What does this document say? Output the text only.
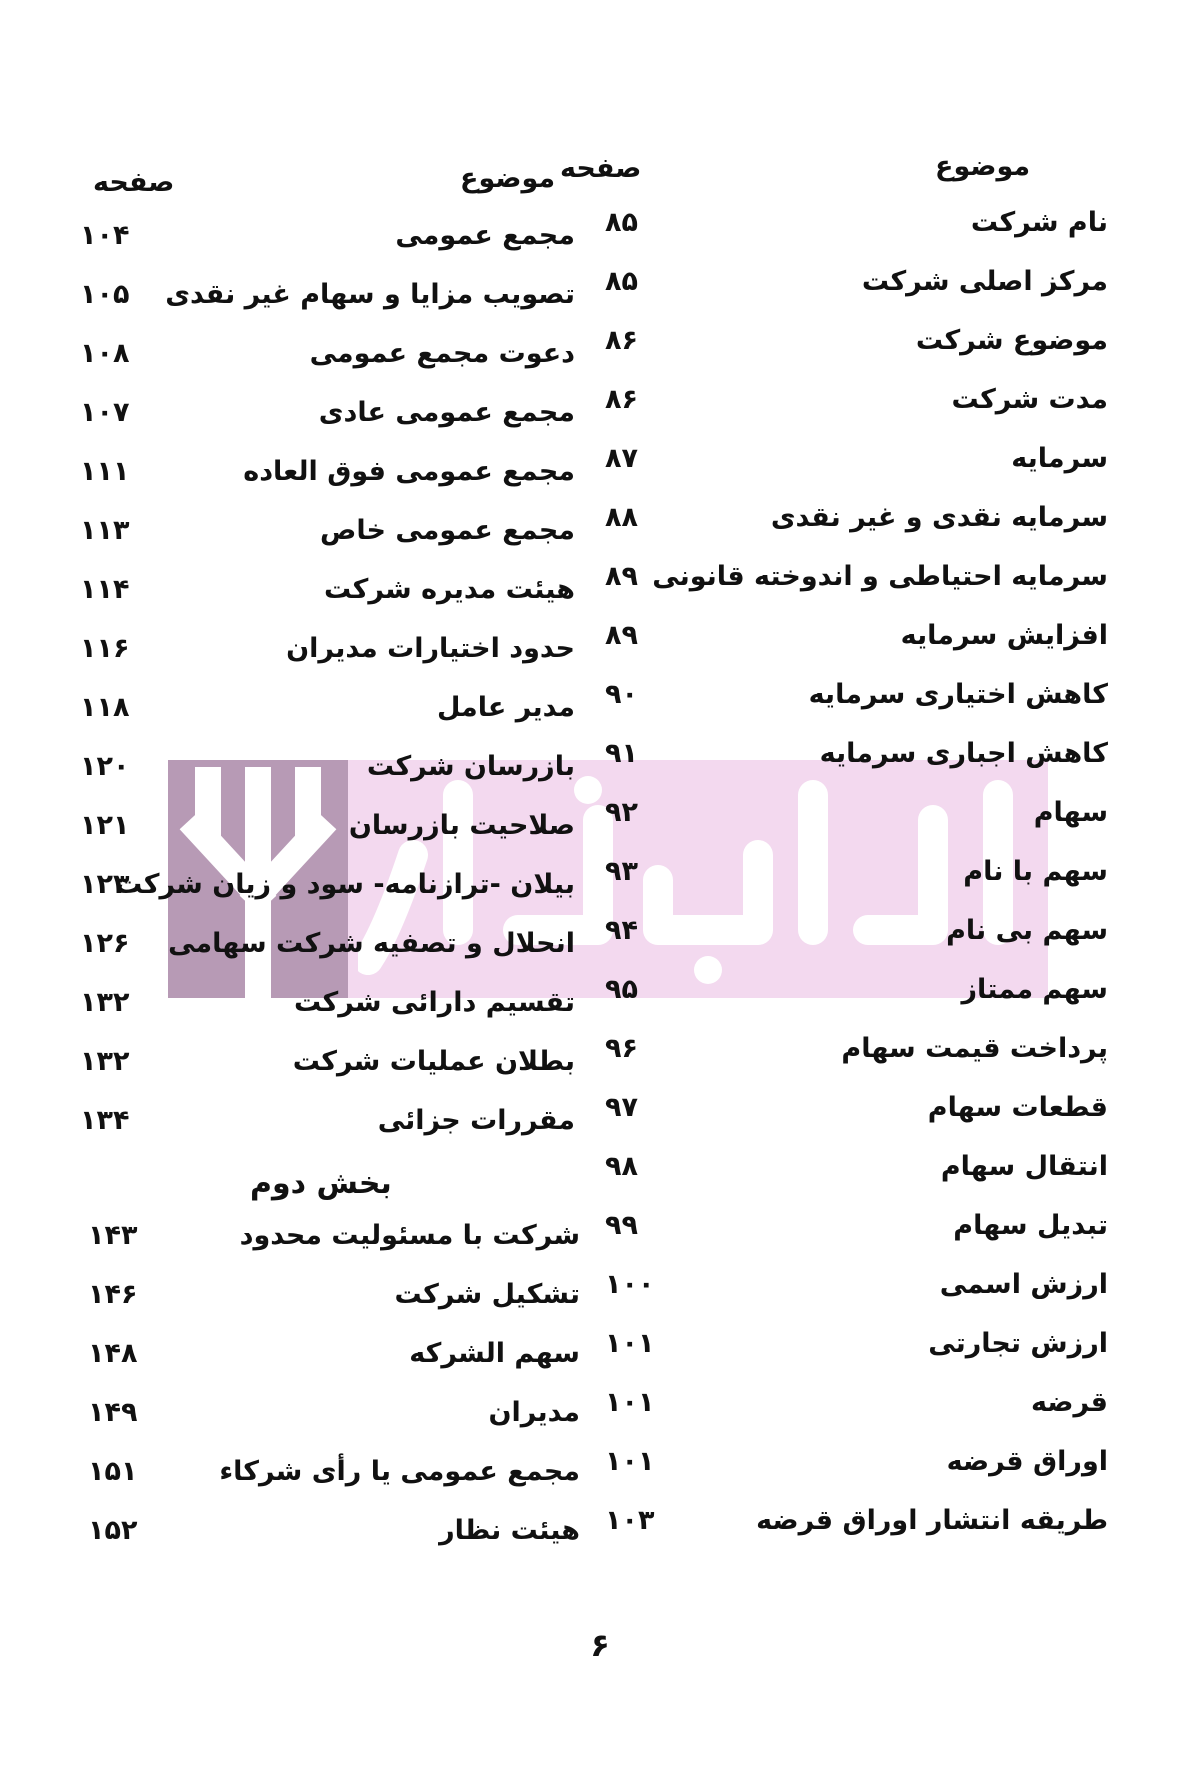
موضوع
صفحه
موضوع
صفحه
نام شرکت
۸۵
مرکز اصلی شرکت
۸۵
موضوع شرکت
۸۶
مدت شرکت
۸۶
سرمایه
۸۷
سرمایه نقدی و غیر نقدی
۸۸
سرمایه احتیاطی و اندوخته قانونی
۸۹
افزایش سرمایه
۸۹
کاهش اختیاری سرمایه
۹۰
کاهش اجباری سرمایه
۹۱
سهام
۹۲
سهم با نام
۹۳
سهم بی نام
۹۴
سهم ممتاز
۹۵
پرداخت قیمت سهام
۹۶
قطعات سهام
۹۷
انتقال سهام
۹۸
تبدیل سهام
۹۹
ارزش اسمی
۱۰۰
ارزش تجارتی
۱۰۱
قرضه
۱۰۱
اوراق قرضه
۱۰۱
طریقه انتشار اوراق قرضه
۱۰۳
مجمع عمومی
۱۰۴
تصویب مزایا و سهام غیر نقدی
۱۰۵
دعوت مجمع عمومی
۱۰۸
مجمع عمومی عادی
۱۰۷
مجمع عمومی فوق العاده
۱۱۱
مجمع عمومی خاص
۱۱۳
هیئت مدیره شرکت
۱۱۴
حدود اختیارات مدیران
۱۱۶
مدیر عامل
۱۱۸
بازرسان شرکت
۱۲۰
صلاحیت بازرسان
۱۲۱
بیلان -ترازنامه- سود و زیان شرکت
۱۲۳
انحلال و تصفیه شرکت سهامی
۱۲۶
تقسیم دارائی شرکت
۱۳۲
بطلان عملیات شرکت
۱۳۲
مقررات جزائی
۱۳۴
بخش دوم
شرکت با مسئولیت محدود
۱۴۳
تشکیل شرکت
۱۴۶
سهم الشرکه
۱۴۸
مدیران
۱۴۹
مجمع عمومی یا رأی شرکاء
۱۵۱
هیئت نظار
۱۵۲
۶
